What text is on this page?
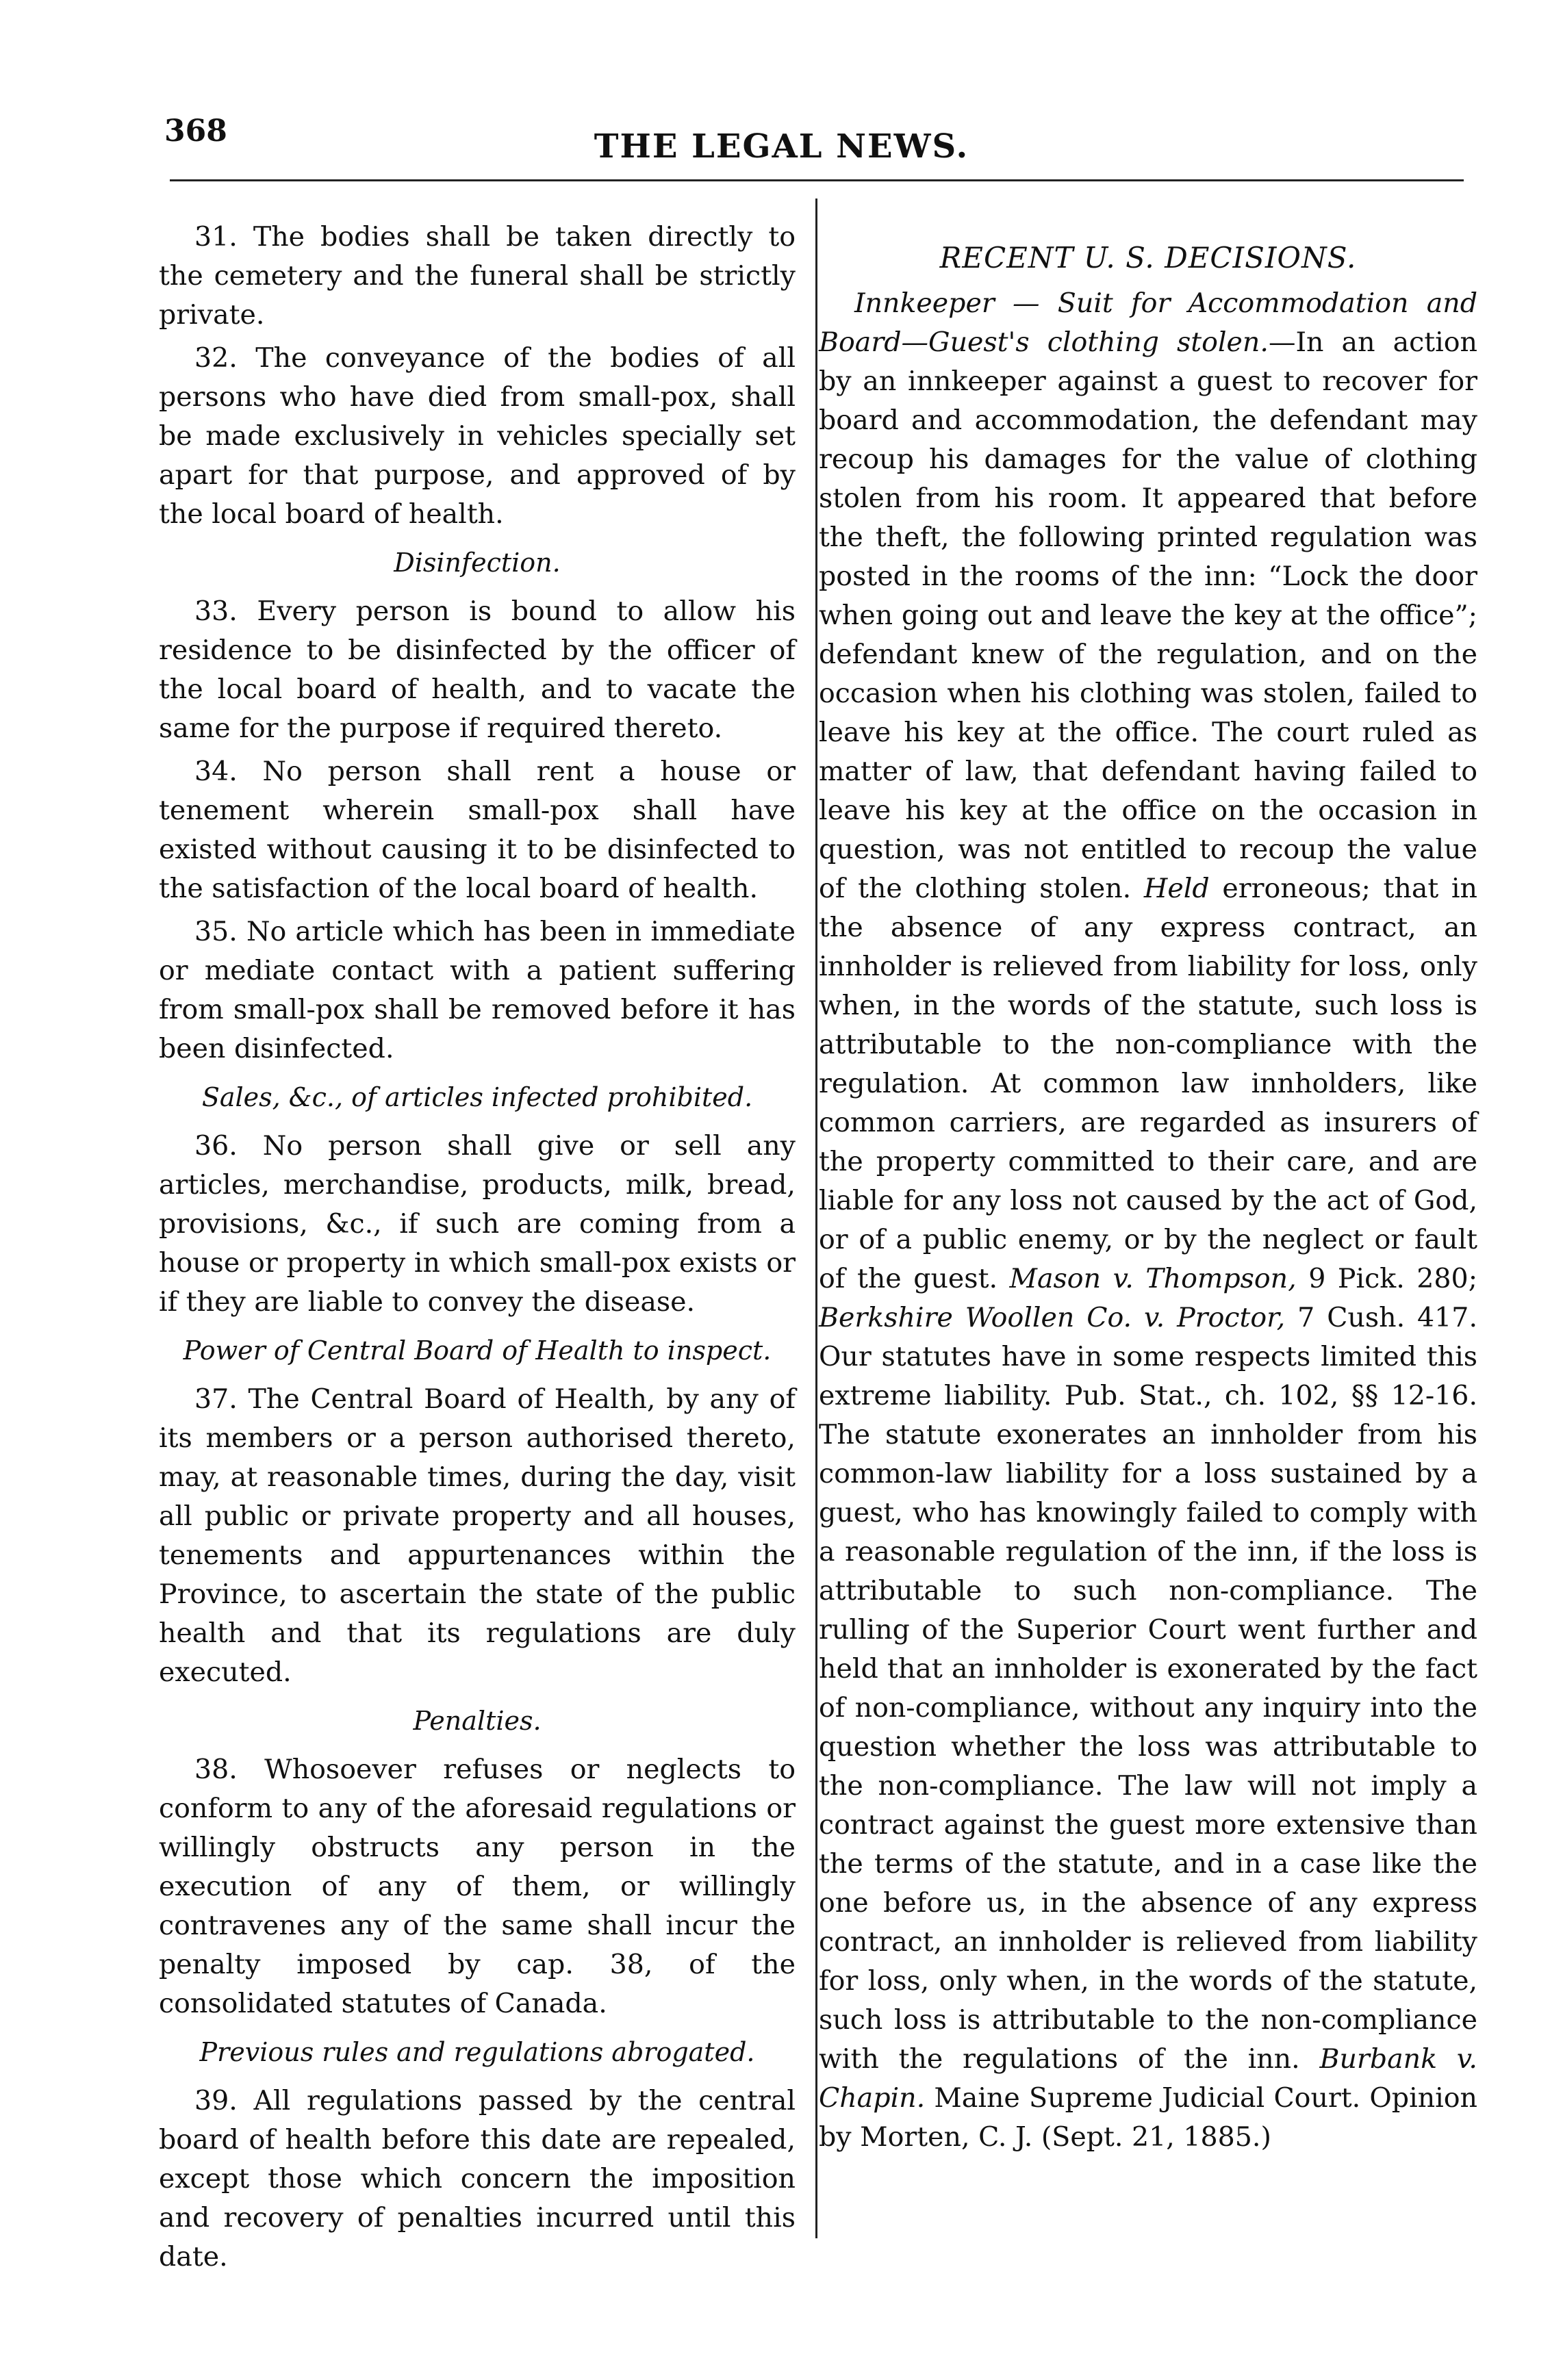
368	THE LEGAL NEWS.

31. The bodies shall be taken directly to the cemetery and the funeral shall be strictly private.

32. The conveyance of the bodies of all persons who have died from small-pox, shall be made exclusively in vehicles specially set apart for that purpose, and approved of by the local board of health.

Disinfection.

33. Every person is bound to allow his residence to be disinfected by the officer of the local board of health, and to vacate the same for the purpose if required thereto.

34. No person shall rent a house or tenement wherein small-pox shall have existed without causing it to be disinfected to the satisfaction of the local board of health.

35. No article which has been in immediate or mediate contact with a patient suffering from small-pox shall be removed before it has been disinfected.

Sales, &c., of articles infected prohibited.

36. No person shall give or sell any articles, merchandise, products, milk, bread, provisions, &c., if such are coming from a house or property in which small-pox exists or if they are liable to convey the disease.

Power of Central Board of Health to inspect.

37. The Central Board of Health, by any of its members or a person authorised thereto, may, at reasonable times, during the day, visit all public or private property and all houses, tenements and appurtenances within the Province, to ascertain the state of the public health and that its regulations are duly executed.

Penalties.

38. Whosoever refuses or neglects to conform to any of the aforesaid regulations or willingly obstructs any person in the execution of any of them, or willingly contravenes any of the same shall incur the penalty imposed by cap. 38, of the consolidated statutes of Canada.

Previous rules and regulations abrogated.

39. All regulations passed by the central board of health before this date are repealed, except those which concern the imposition and recovery of penalties incurred until this date.

RECENT U. S. DECISIONS.

Innkeeper — Suit for Accommodation and Board—Guest's clothing stolen.—In an action by an innkeeper against a guest to recover for board and accommodation, the defendant may recoup his damages for the value of clothing stolen from his room. It appeared that before the theft, the following printed regulation was posted in the rooms of the inn: “Lock the door when going out and leave the key at the office”; defendant knew of the regulation, and on the occasion when his clothing was stolen, failed to leave his key at the office. The court ruled as matter of law, that defendant having failed to leave his key at the office on the occasion in question, was not entitled to recoup the value of the clothing stolen. Held erroneous; that in the absence of any express contract, an innholder is relieved from liability for loss, only when, in the words of the statute, such loss is attributable to the non-compliance with the regulation. At common law innholders, like common carriers, are regarded as insurers of the property committed to their care, and are liable for any loss not caused by the act of God, or of a public enemy, or by the neglect or fault of the guest. Mason v. Thompson, 9 Pick. 280; Berkshire Woollen Co. v. Proctor, 7 Cush. 417. Our statutes have in some respects limited this extreme liability. Pub. Stat., ch. 102, §§ 12-16. The statute exonerates an innholder from his common-law liability for a loss sustained by a guest, who has knowingly failed to comply with a reasonable regulation of the inn, if the loss is attributable to such non-compliance. The rulling of the Superior Court went further and held that an innholder is exonerated by the fact of non-compliance, without any inquiry into the question whether the loss was attributable to the non-compliance. The law will not imply a contract against the guest more extensive than the terms of the statute, and in a case like the one before us, in the absence of any express contract, an innholder is relieved from liability for loss, only when, in the words of the statute, such loss is attributable to the non-compliance with the regulations of the inn. Burbank v. Chapin. Maine Supreme Judicial Court. Opinion by Morten, C. J. (Sept. 21, 1885.)
